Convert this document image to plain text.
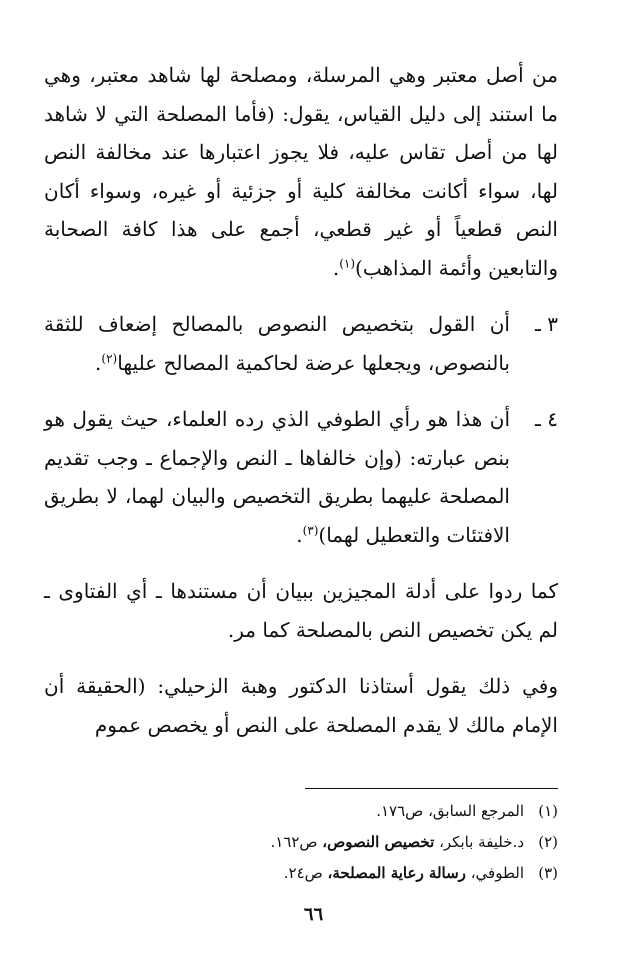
من أصل معتبر وهي المرسلة، ومصلحة لها شاهد معتبر، وهي ما استند إلى دليل القياس، يقول: (فأما المصلحة التي لا شاهد لها من أصل تقاس عليه، فلا يجوز اعتبارها عند مخالفة النص لها، سواء أكانت مخالفة كلية أو جزئية أو غيره، وسواء أكان النص قطعياً أو غير قطعي، أجمع على هذا كافة الصحابة والتابعين وأئمة المذاهب)$^{(١)}$.

٣ ـ

أن القول بتخصيص النصوص بالمصالح إضعاف للثقة بالنصوص، ويجعلها عرضة لحاكمية المصالح عليها$^{(٢)}$.

٤ ـ

أن هذا هو رأي الطوفي الذي رده العلماء، حيث يقول هو بنص عبارته: (وإن خالفاها ـ النص والإجماع ـ وجب تقديم المصلحة عليهما بطريق التخصيص والبيان لهما، لا بطريق الافتئات والتعطيل لهما)$^{(٣)}$.

كما ردوا على أدلة المجيزين ببيان أن مستندها ـ أي الفتاوى ـ لم يكن تخصيص النص بالمصلحة كما مر.

وفي ذلك يقول أستاذنا الدكتور وهبة الزحيلي: (الحقيقة أن الإمام مالك لا يقدم المصلحة على النص أو يخصص عموم

(١)المرجع السابق، ص١٧٦.
(٢)د.خليفة بابكر، تخصيص النصوص، ص١٦٢.
(٣)الطوفي، رسالة رعاية المصلحة، ص٢٤.
٦٦
